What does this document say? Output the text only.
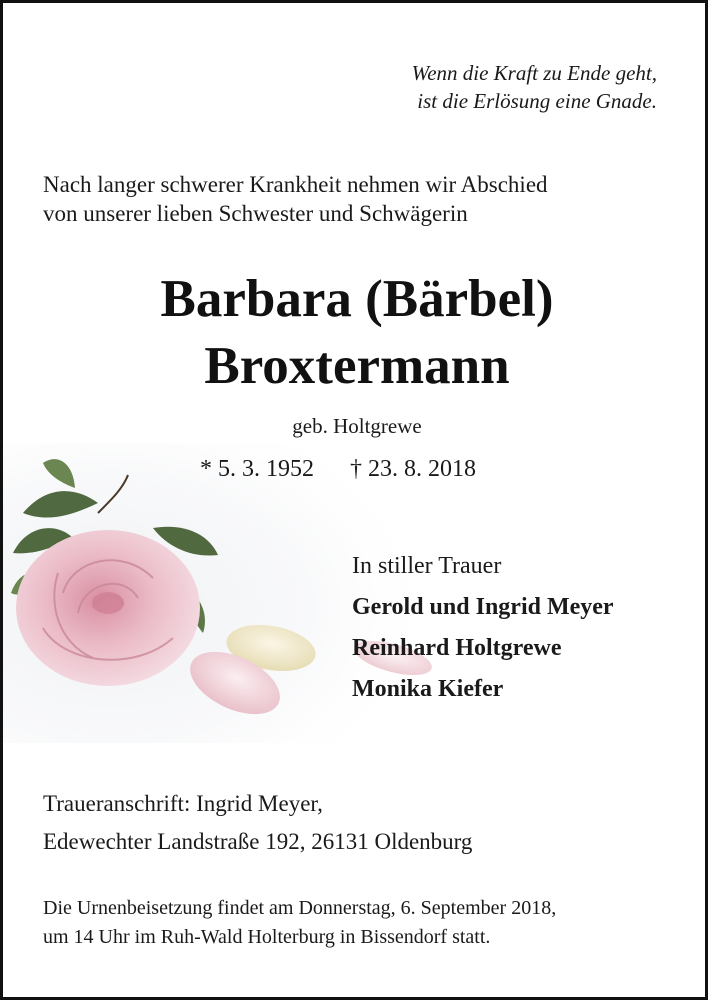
Wenn die Kraft zu Ende geht,
ist die Erlösung eine Gnade.
Nach langer schwerer Krankheit nehmen wir Abschied
von unserer lieben Schwester und Schwägerin
Barbara (Bärbel)
Broxtermann
geb. Holtgrewe
* 5. 3. 1952 † 23. 8. 2018
In stiller Trauer
Gerold und Ingrid Meyer
Reinhard Holtgrewe
Monika Kiefer
Traueranschrift: Ingrid Meyer,
Edewechter Landstraße 192, 26131 Oldenburg
Die Urnenbeisetzung findet am Donnerstag, 6. September 2018,
um 14 Uhr im Ruh-Wald Holterburg in Bissendorf statt.
